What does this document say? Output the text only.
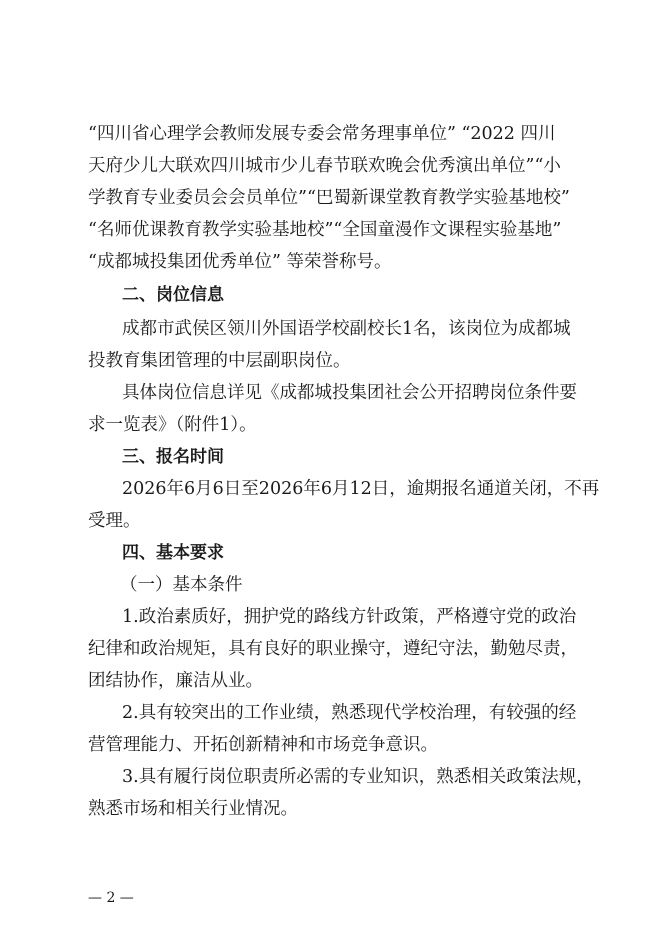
“四川省心理学会教师发展专委会常务理事单位” “2022 四川
天府少儿大联欢四川城市少儿春节联欢晚会优秀演出单位”“小
学教育专业委员会会员单位”“巴蜀新课堂教育教学实验基地校”
“名师优课教育教学实验基地校”“全国童漫作文课程实验基地”
“成都城投集团优秀单位” 等荣誉称号。
二、岗位信息
成都市武侯区领川外国语学校副校长1名，该岗位为成都城
投教育集团管理的中层副职岗位。
具体岗位信息详见《成都城投集团社会公开招聘岗位条件要
求一览表》（附件1）。
三、报名时间
2026年6月6日至2026年6月12日，逾期报名通道关闭，不再
受理。
四、基本要求
（一）基本条件
1.政治素质好，拥护党的路线方针政策，严格遵守党的政治
纪律和政治规矩，具有良好的职业操守，遵纪守法，勤勉尽责，
团结协作，廉洁从业。
2.具有较突出的工作业绩，熟悉现代学校治理，有较强的经
营管理能力、开拓创新精神和市场竞争意识。
3.具有履行岗位职责所必需的专业知识，熟悉相关政策法规，
熟悉市场和相关行业情况。
— 2 —
